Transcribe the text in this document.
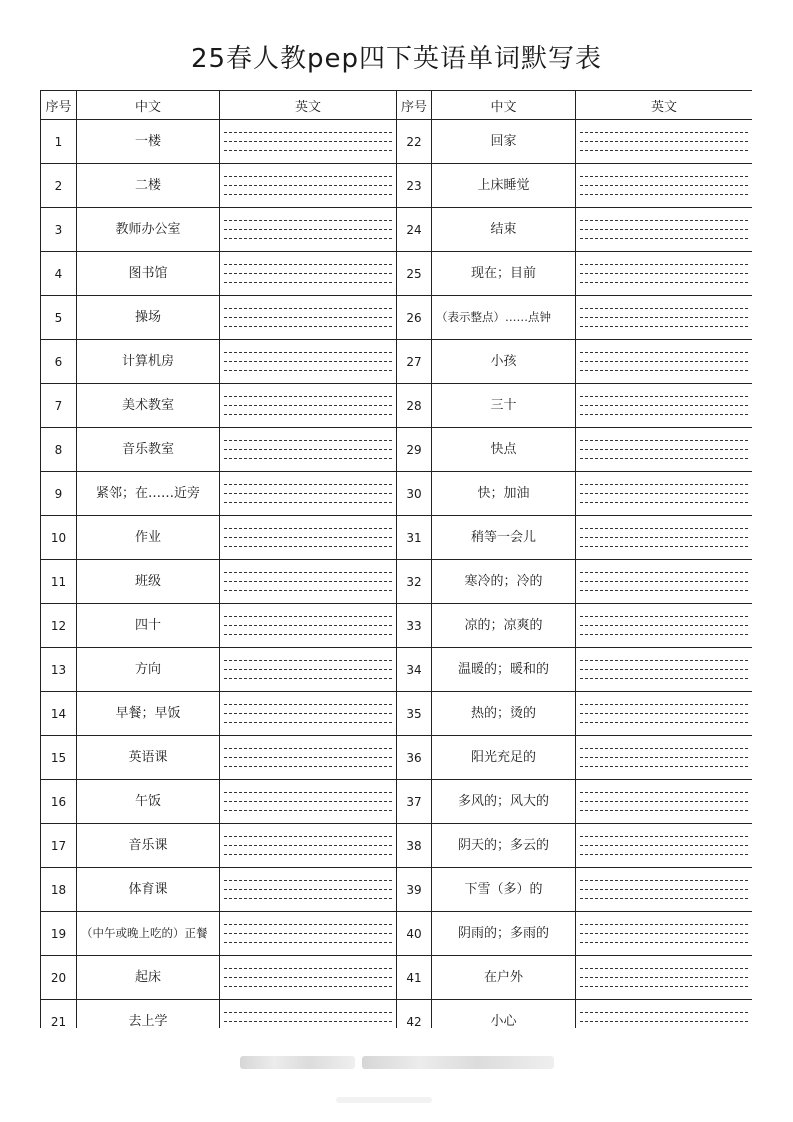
25春人教pep四下英语单词默写表
序号	中文	英文	序号	中文	英文
1	一楼		22	回家	

2	二楼		23	上床睡觉	

3	教师办公室		24	结束	

4	图书馆		25	现在；目前	

5	操场		26	（表示整点）……点钟	

6	计算机房		27	小孩	

7	美术教室		28	三十	

8	音乐教室		29	快点	

9	紧邻；在……近旁		30	快；加油	

10	作业		31	稍等一会儿	

11	班级		32	寒冷的；冷的	

12	四十		33	凉的；凉爽的	

13	方向		34	温暖的；暖和的	

14	早餐；早饭		35	热的；烫的	

15	英语课		36	阳光充足的	

16	午饭		37	多风的；风大的	

17	音乐课		38	阴天的；多云的	

18	体育课		39	下雪（多）的	

19	（中午或晚上吃的）正餐		40	阴雨的；多雨的	

20	起床		41	在户外	

21	去上学		42	小心	
